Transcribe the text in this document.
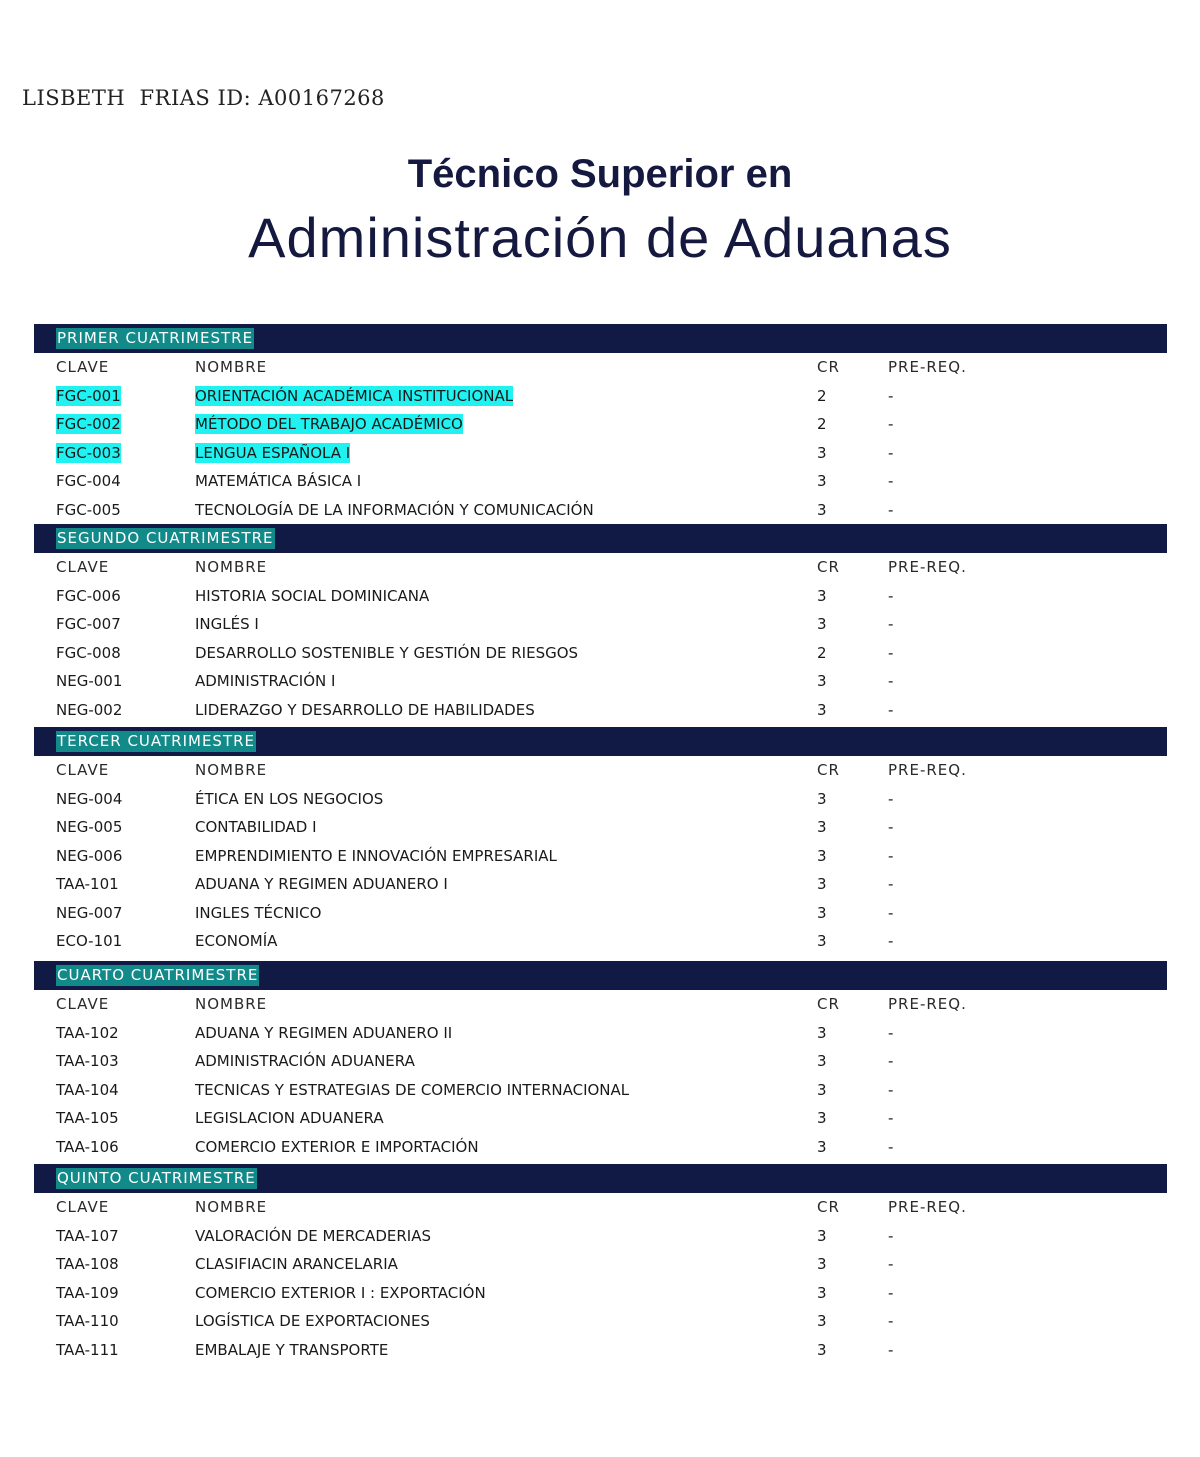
LISBETH  FRIAS ID: A00167268
Técnico Superior en
Administración de Aduanas
PRIMER CUATRIMESTRE
CLAVE	NOMBRE	CR	PRE-REQ.
FGC-001	ORIENTACIÓN ACADÉMICA INSTITUCIONAL	2	-
FGC-002	MÉTODO DEL TRABAJO ACADÉMICO	2	-
FGC-003	LENGUA ESPAÑOLA I	3	-
FGC-004	MATEMÁTICA BÁSICA I	3	-
FGC-005	TECNOLOGÍA DE LA INFORMACIÓN Y COMUNICACIÓN	3	-
SEGUNDO CUATRIMESTRE
CLAVE	NOMBRE	CR	PRE-REQ.
FGC-006	HISTORIA SOCIAL DOMINICANA	3	-
FGC-007	INGLÉS I	3	-
FGC-008	DESARROLLO SOSTENIBLE Y GESTIÓN DE RIESGOS	2	-
NEG-001	ADMINISTRACIÓN I	3	-
NEG-002	LIDERAZGO Y DESARROLLO DE HABILIDADES	3	-
TERCER CUATRIMESTRE
CLAVE	NOMBRE	CR	PRE-REQ.
NEG-004	ÉTICA EN LOS NEGOCIOS	3	-
NEG-005	CONTABILIDAD I	3	-
NEG-006	EMPRENDIMIENTO E INNOVACIÓN EMPRESARIAL	3	-
TAA-101	ADUANA Y REGIMEN ADUANERO I	3	-
NEG-007	INGLES TÉCNICO	3	-
ECO-101	ECONOMÍA	3	-
CUARTO CUATRIMESTRE
CLAVE	NOMBRE	CR	PRE-REQ.
TAA-102	ADUANA Y REGIMEN ADUANERO II	3	-
TAA-103	ADMINISTRACIÓN ADUANERA	3	-
TAA-104	TECNICAS Y ESTRATEGIAS DE COMERCIO INTERNACIONAL	3	-
TAA-105	LEGISLACION ADUANERA	3	-
TAA-106	COMERCIO EXTERIOR E IMPORTACIÓN	3	-
QUINTO CUATRIMESTRE
CLAVE	NOMBRE	CR	PRE-REQ.
TAA-107	VALORACIÓN DE MERCADERIAS	3	-
TAA-108	CLASIFIACIN ARANCELARIA	3	-
TAA-109	COMERCIO EXTERIOR I : EXPORTACIÓN	3	-
TAA-110	LOGÍSTICA DE EXPORTACIONES	3	-
TAA-111	EMBALAJE Y TRANSPORTE	3	-
